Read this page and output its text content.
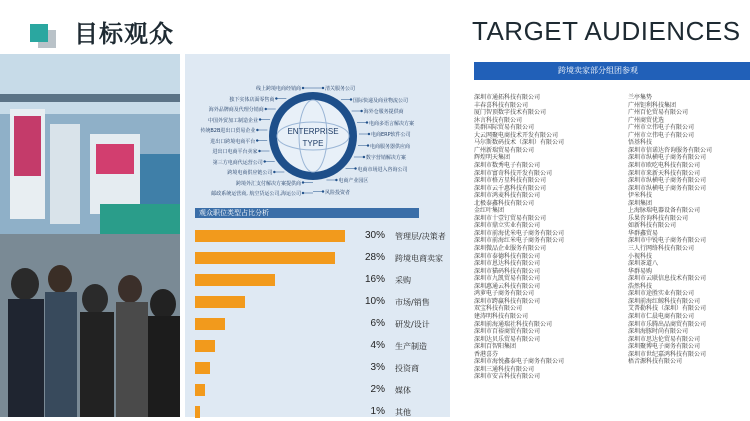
目标观众	TARGET AUDIENCES
ENTERPRISE
TYPE
线上跨境电商经销商
独下实体店面零售商
海外品牌商及代理分销商
中国外贸加工制造企业
传统B2B进出口贸易企业
进出口跨境电商平台
进出口电商平台卖家
第三方电商代运营公司
跨境电商供应链公司
跨境外汇支付解决方案提供商
邮政系统运营商, 航空货运公司,海运公司
清关服务公司
国际快递及商业物流公司
海外仓服务提供商
电商多语言解决方案
电商ERP软件公司
电商服务器供应商
数字营销解决方案
电商市场进入咨询公司
电商产业园区
风险投资者
观众职位类型占比分析
30% 管理层/决策者
28% 跨境电商卖家
16% 采购
10% 市场/销售
6% 研发/设计
4% 生产制造
3% 投资商
2% 媒体
1% 其他
跨境卖家部分组团参观
深圳市通拓科技有限公司
丰春喜科技有限公司
厦门智顶数字技术有限公司
沐言科技有限公司
美群国际贸易有限公司
大云网聚电商技术开发有限公司
马尔斯数码技术（深圳）有限公司
广州新瑞贸易有限公司
辉煌明天集团
深圳市数秀电子有限公司
深圳市富奇科技开发有限公司
深圳市格方星科技有限公司
深圳市云千惠科技有限公司
深圳市鸿麦科技有限公司
北极泰鑫科技有限公司
金红叶集团
深圳市十壹钉贸易有限公司
深圳市鼎立实业有限公司
深圳市前海优米电子商务有限公司
深圳市前海红米电子商务有限公司
深圳微品企业服务有限公司
深圳市泰德科技有限公司
深圳市恩达科技有限公司
深圳市猫码科技有限公司
深圳市九凯贸易有限公司
深圳惠通云科技有限公司
鸿萝电子商务有限公司
深圳市跨赢科技有限公司
双宝科技有限公司
建涛明科技有限公司
深圳前海通瑞社科技有限公司
深圳市百裕商贸有限公司
深圳达贝乐贸易有限公司
深圳百智阳集团
香港喜芬
深圳市海悦鑫泰电子商务有限公司
深圳三通科技有限公司
深圳市安吉科技有限公司
兰亭集势
广州钜利科技集团
广州百伦贸易有限公司
广州商贸优选
广州市立伟电子有限公司
广州市立伟电子有限公司
悟基科技
深圳市信诺达咨询服务有限公司
深圳市纵横电子商务有限公司
深圳市欧吃电科技有限公司
深圳市来新天科技有限公司
深圳市纵横电子商务有限公司
深圳市纵横电子商务有限公司
伊米科技
深圳集团
上海脉瑞电器设备有限公司
乐果咨询科技有限公司
如新科技有限公司
华群鑫贸易
深圳市中锐电子商务有限公司
三人行网络科技有限公司
小视科技
深圳茶道八
华群易购
深圳市云联信息技术有限公司
浩然科技
深圳市途胜实业有限公司
深圳前海红鲸科技有限公司
艾普勒科技（深圳）有限公司
深圳市仁晨电商有限公司
深圳市乐腾出品商贸有限公司
深圳海豚时尚有限公司
深圳市思达伦贸易有限公司
深圳聚博电子商务有限公司
深圳市世纪嘉鸿科技有限公司
梧音源科技有限公司
